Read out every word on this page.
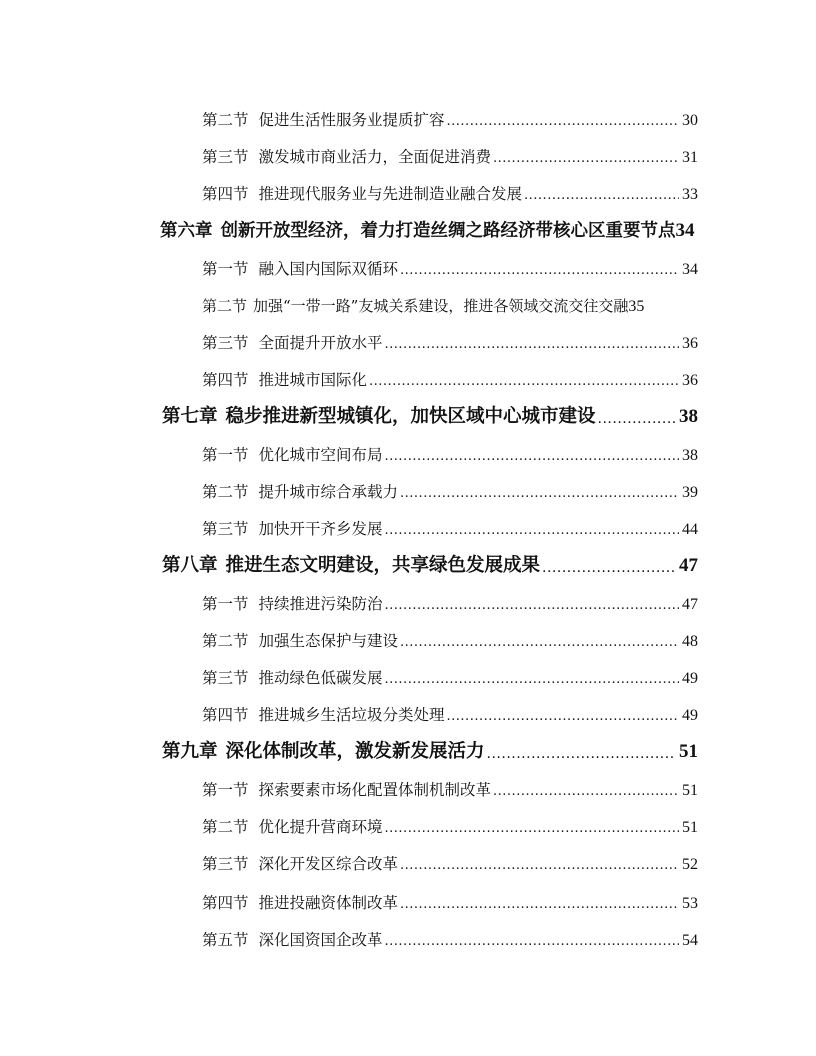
第二节 促进生活性服务业提质扩容 .....	30
第三节 激发城市商业活力，全面促进消费 .....	31
第四节 推进现代服务业与先进制造业融合发展 .....	33
第六章 创新开放型经济，着力打造丝绸之路经济带核心区重要节点 34
第一节 融入国内国际双循环 .....	34
第二节 加强“一带一路”友城关系建设，推进各领域交流交往交融 35
第三节 全面提升开放水平 .....	36
第四节 推进城市国际化 .....	36
第七章 稳步推进新型城镇化，加快区域中心城市建设 .....	38
第一节 优化城市空间布局 .....	38
第二节 提升城市综合承载力 .....	39
第三节 加快开干齐乡发展 .....	44
第八章 推进生态文明建设，共享绿色发展成果 .....	47
第一节 持续推进污染防治 .....	47
第二节 加强生态保护与建设 .....	48
第三节 推动绿色低碳发展 .....	49
第四节 推进城乡生活垃圾分类处理 .....	49
第九章 深化体制改革，激发新发展活力 .....	51
第一节 探索要素市场化配置体制机制改革 .....	51
第二节 优化提升营商环境 .....	51
第三节 深化开发区综合改革 .....	52
第四节 推进投融资体制改革 .....	53
第五节 深化国资国企改革 .....	54
